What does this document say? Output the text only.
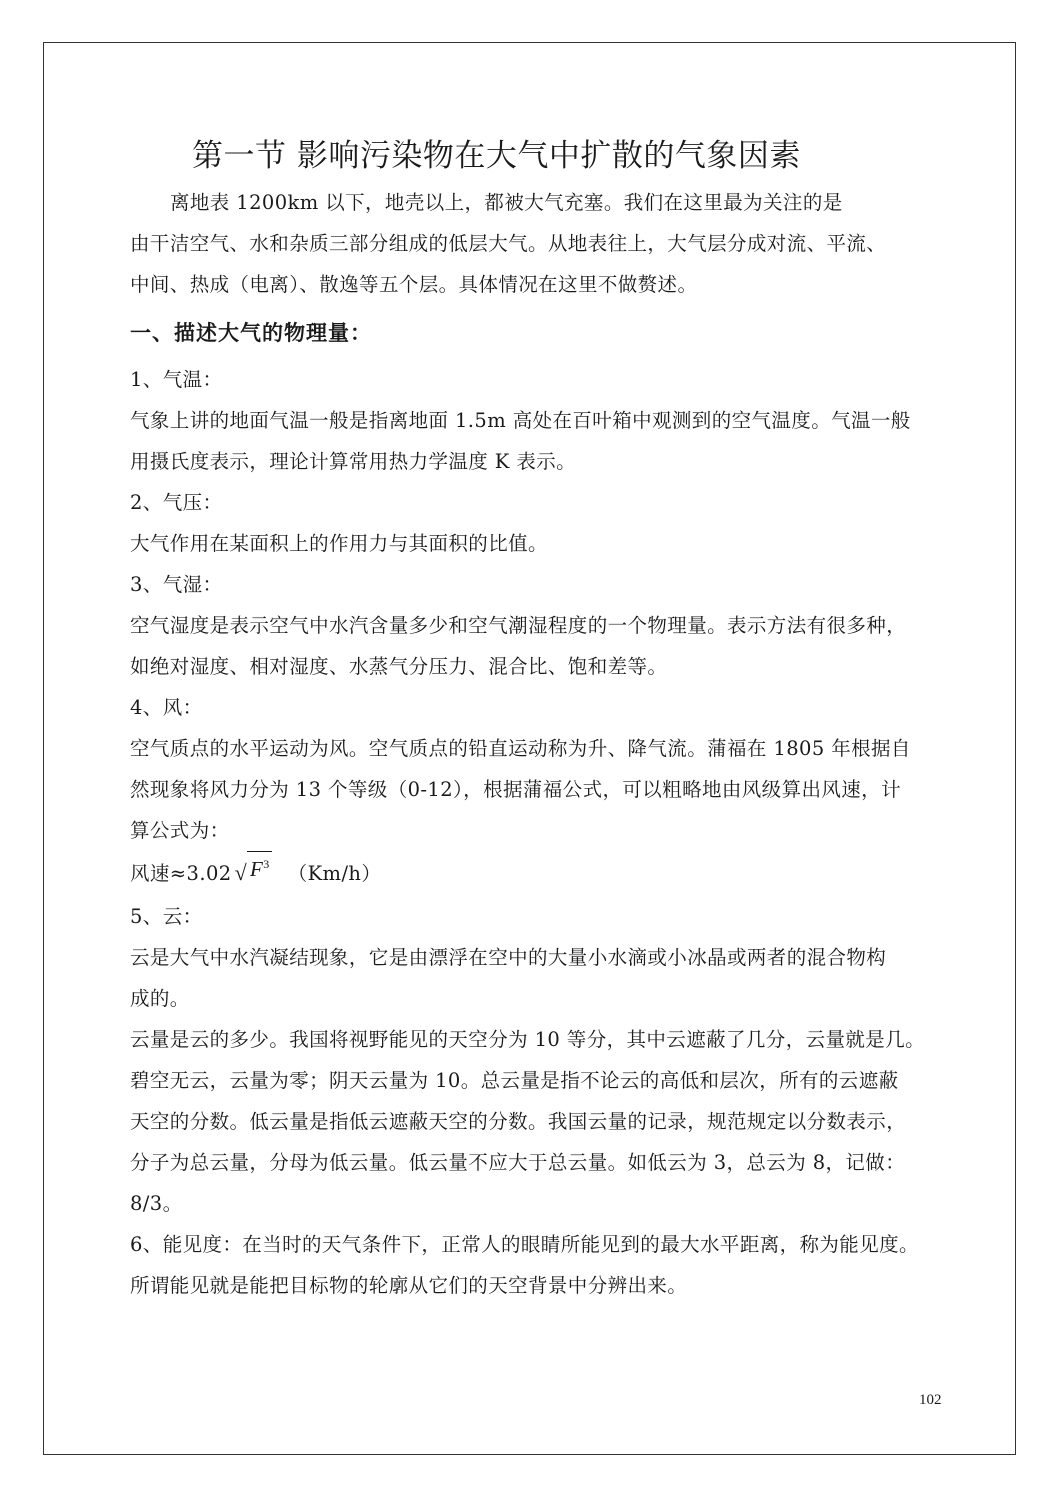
第一节 影响污染物在大气中扩散的气象因素
离地表 1200km 以下，地壳以上，都被大气充塞。我们在这里最为关注的是
由干洁空气、水和杂质三部分组成的低层大气。从地表往上，大气层分成对流、平流、
中间、热成（电离）、散逸等五个层。具体情况在这里不做赘述。
一、描述大气的物理量：
1、气温：
气象上讲的地面气温一般是指离地面 1.5m 高处在百叶箱中观测到的空气温度。气温一般
用摄氏度表示，理论计算常用热力学温度 K 表示。
2、气压：
大气作用在某面积上的作用力与其面积的比值。
3、气湿：
空气湿度是表示空气中水汽含量多少和空气潮湿程度的一个物理量。表示方法有很多种，
如绝对湿度、相对湿度、水蒸气分压力、混合比、饱和差等。
4、风：
空气质点的水平运动为风。空气质点的铅直运动称为升、降气流。蒲福在 1805 年根据自
然现象将风力分为 13 个等级（0-12），根据蒲福公式，可以粗略地由风级算出风速，计
算公式为：
风速≈3.02 √ $F^3$ （Km/h）
5、云：
云是大气中水汽凝结现象，它是由漂浮在空中的大量小水滴或小冰晶或两者的混合物构
成的。
云量是云的多少。我国将视野能见的天空分为 10 等分，其中云遮蔽了几分，云量就是几。
碧空无云，云量为零；阴天云量为 10。总云量是指不论云的高低和层次，所有的云遮蔽
天空的分数。低云量是指低云遮蔽天空的分数。我国云量的记录，规范规定以分数表示，
分子为总云量，分母为低云量。低云量不应大于总云量。如低云为 3，总云为 8，记做：
8/3。
6、能见度：在当时的天气条件下，正常人的眼睛所能见到的最大水平距离，称为能见度。
所谓能见就是能把目标物的轮廓从它们的天空背景中分辨出来。
102
